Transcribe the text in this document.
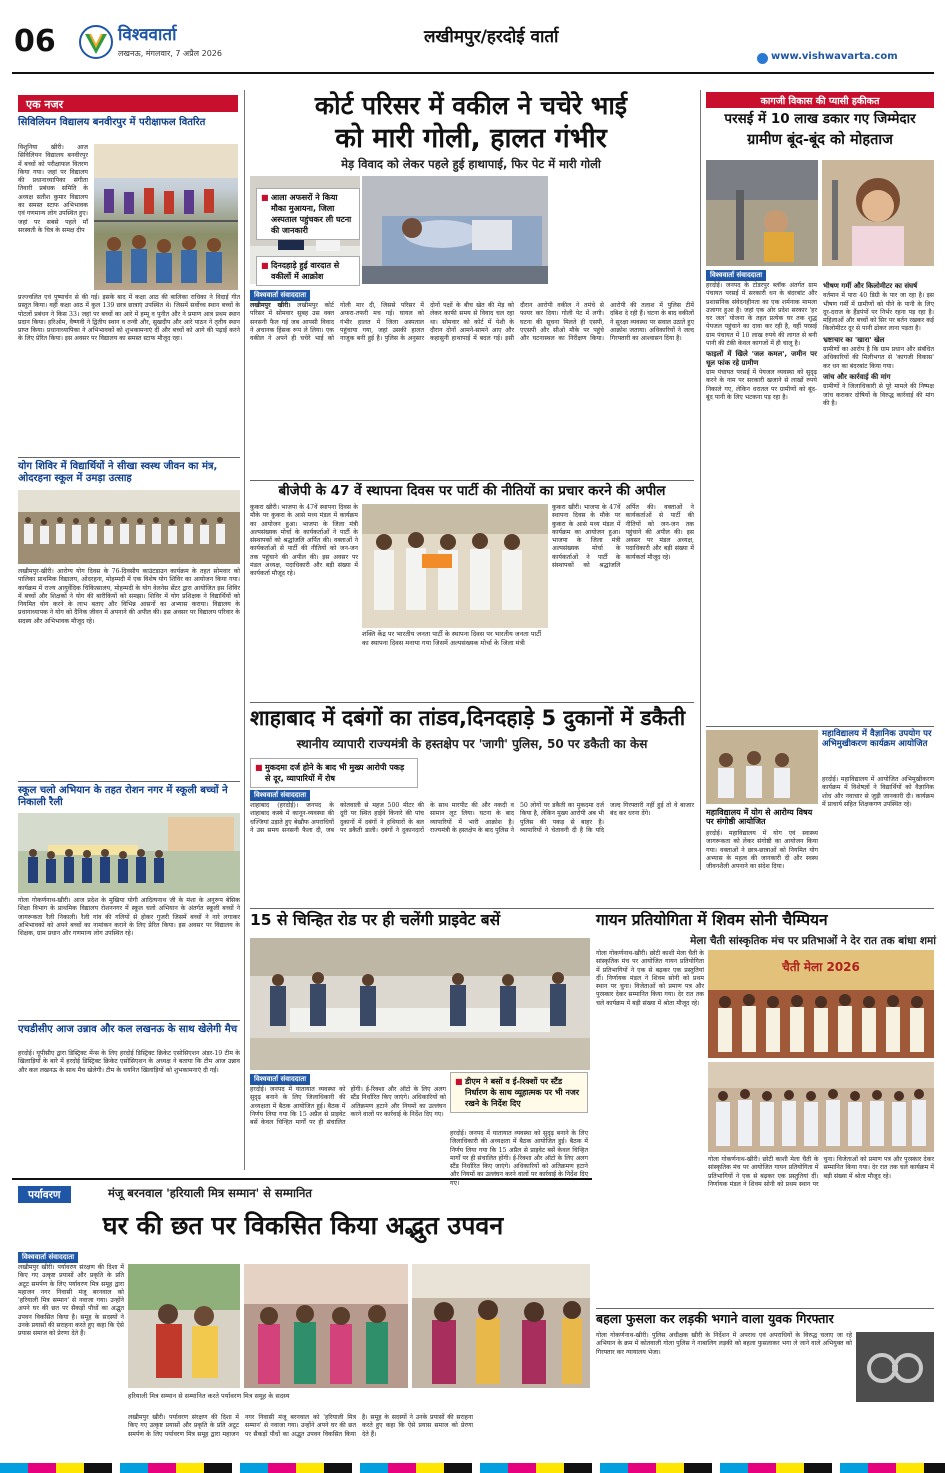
06	विश्ववार्ता
लखनऊ, मंगलवार, 7 अप्रैल 2026
लखीमपुर/हरदोई वार्ता
www.vishwavarta.com
एक नजर
सिविलियन विद्यालय बनवीरपुर में परीक्षाफल वितरित
विशुनिया खीरी। आज सिविलियन विद्यालय बनवीरपुर में बच्चों को परीक्षाफल वितरण किया गया। जहां पर विद्यालय की प्रधानाध्यापिका संगीता तिवारी प्रबंधक समिति के अध्यक्ष सतीश कुमार विद्यालय का समस्त स्टाफ अभिभावक एवं गणमान्य लोग उपस्थित हुए। जहां पर सबसे पहले माँ सरस्वती के चित्र के समक्ष दीप
प्रज्ज्वलित एवं पुष्पार्चन से की गई। इसके बाद में कक्षा आठ की बालिका राधिका ने विदाई गीत प्रस्तुत किया। वहीं कक्षा आठ में कुल 139 छात्र छात्राएं उपस्थित थे। जिसमें सर्वोच्च स्थान बच्चों के पोटलों प्रबंधन ने किस 33। जहां पर बच्चों का आरे में हम्मू व पुनीत और ने प्रमाण आत्र प्रथम स्थान प्रदान किया। हरिओम, वैष्णवी ने द्वितीय स्थान व तन्वी और, सुखदीप और आरे पाठन ने तृतीय स्थान प्राप्त किया। प्रधानाध्यापिका ने अभिभावकों को शुभकामनाएं दीं और बच्चों को आगे की पढ़ाई करने के लिए प्रेरित किया। इस अवसर पर विद्यालय का समस्त स्टाफ मौजूद रहा।
योग शिविर में विद्यार्थियों ने सीखा स्वस्थ जीवन का मंत्र, ओदरहना स्कूल में उमड़ा उत्साह
लखीमपुर-खीरी। आरोग्य योग दिवस के 76-दिवसीय काउंटडाउन कार्यक्रम के तहत सोमवार को पालिका प्राथमिक विद्यालय, ओदरहना, मोहम्मदी में एक विशेष योग शिविर का आयोजन किया गया। कार्यक्रम में राज्य आयुर्वेदिक चिकित्सालय, मोहम्मदी के योग वेलनेस सेंटर द्वारा आयोजित इस शिविर में बच्चों और शिक्षकों ने योग की बारीकियों को समझा। शिविर में योग प्रशिक्षक ने विद्यार्थियों को नियमित योग करने के लाभ बताए और विभिन्न आसनों का अभ्यास कराया। विद्यालय के प्रधानाध्यापक ने योग को दैनिक जीवन में अपनाने की अपील की। इस अवसर पर विद्यालय परिवार के सदस्य और अभिभावक मौजूद रहे।
स्कूल चलो अभियान के तहत रोशन नगर में स्कूली बच्चों ने निकाली रैली
गोला गोकर्णनाथ-खीरी। आज प्रदेश के मुखिया योगी आदित्यनाथ जी के मंशा के अनुरूप बेसिक शिक्षा विभाग के प्राथमिक विद्यालय रोशननगर में स्कूल चलो अभियान के अंतर्गत स्कूली बच्चों ने जागरूकता रैली निकाली। रैली गांव की गलियों से होकर गुजरी जिसमें बच्चों ने नारे लगाकर अभिभावकों को अपने बच्चों का नामांकन कराने के लिए प्रेरित किया। इस अवसर पर विद्यालय के शिक्षक, ग्राम प्रधान और गणमान्य लोग उपस्थित रहे।
एचडीसीए आज उन्नाव और कल लखनऊ के साथ खेलेगी मैच
हरदोई। यूपीसीए द्वारा डिस्ट्रिक्ट मेंन्स के लिए हरदोई डिस्ट्रिक्ट क्रिकेट एसोसिएशन अंडर-19 टीम के खिलाड़ियों के बारे में हरदोई डिस्ट्रिक्ट क्रिकेट एसोसिएशन के अध्यक्ष ने बताया कि टीम आज उन्नाव और कल लखनऊ के साथ मैच खेलेगी। टीम के चयनित खिलाड़ियों को शुभकामनाएं दी गईं।
कोर्ट परिसर में वकील ने चचेरे भाई
को मारी गोली, हालत गंभीर
मेड़ विवाद को लेकर पहले हुई हाथापाई, फिर पेट में मारी गोली
■ आला अफसरों ने किया मौका मुआयना, जिला अस्पताल पहुंचकर ली घटना की जानकारी
■ दिनदहाड़े हुई वारदात से वकीलों में आक्रोश
विश्ववार्ता संवाददाता
लखीमपुर खीरी। लखीमपुर कोर्ट परिसर में सोमवार सुबह उस वक्त सनसनी फैल गई जब आपसी विवाद ने अचानक हिंसक रूप ले लिया। एक वकील ने अपने ही चचेरे भाई को गोली मार दी, जिससे परिसर में अफरा-तफरी मच गई। घायल को गंभीर हालत में जिला अस्पताल पहुंचाया गया, जहां उसकी हालत नाजुक बनी हुई है। पुलिस के अनुसार दोनों पक्षों के बीच खेत की मेड़ को लेकर काफी समय से विवाद चल रहा था। सोमवार को कोर्ट में पेशी के दौरान दोनों आमने-सामने आए और कहासुनी हाथापाई में बदल गई। इसी दौरान आरोपी वकील ने तमंचे से फायर कर दिया। गोली पेट में लगी। घटना की सूचना मिलते ही एसपी, एएसपी और सीओ मौके पर पहुंचे और घटनास्थल का निरीक्षण किया। आरोपी की तलाश में पुलिस टीमें दबिश दे रही हैं। घटना के बाद वकीलों ने सुरक्षा व्यवस्था पर सवाल उठाते हुए आक्रोश जताया। अधिकारियों ने जल्द गिरफ्तारी का आश्वासन दिया है।
कागजी विकास की प्यासी हकीकत
परसई में 10 लाख डकार गए जिम्मेदार
ग्रामीण बूंद-बूंद को मोहताज
विश्ववार्ता संवाददाता
हरदोई। जनपद के टोडरपुर ब्लॉक अंतर्गत ग्राम पंचायत परसई में सरकारी धन के बंदरबांट और प्रशासनिक संवेदनहीनता का एक शर्मनाक मामला उजागर हुआ है। जहां एक ओर प्रदेश सरकार 'हर घर जल' योजना के तहत प्रत्येक घर तक शुद्ध पेयजल पहुंचाने का दावा कर रही है, वहीं परसई ग्राम पंचायत में 10 लाख रुपये की लागत से बनी पानी की टंकी केवल कागजों में ही चालू है।
फाइलों में खिले 'जल कमल', जमीन पर धूल फांक रहे ग्रामीण
ग्राम पंचायत परसई में पेयजल व्यवस्था को सुदृढ़ करने के नाम पर सरकारी खजाने से लाखों रुपये निकाले गए, लेकिन धरातल पर ग्रामीणों को बूंद-बूंद पानी के लिए भटकना पड़ रहा है।
भीषण गर्मी और किलोमीटर का संघर्ष
वर्तमान में पारा 40 डिग्री के पार जा रहा है। इस भीषण गर्मी में ग्रामीणों को पीने के पानी के लिए दूर-दराज के हैंडपंपों पर निर्भर रहना पड़ रहा है। महिलाओं और बच्चों को सिर पर बर्तन रखकर कई किलोमीटर दूर से पानी ढोकर लाना पड़ता है।
भ्रष्टाचार का 'खारा' खेल
ग्रामीणों का आरोप है कि ग्राम प्रधान और संबंधित अधिकारियों की मिलीभगत से 'कागजी विकास' कर धन का बंदरबांट किया गया।
जांच और कार्रवाई की मांग
ग्रामीणों ने जिलाधिकारी से पूरे मामले की निष्पक्ष जांच कराकर दोषियों के विरुद्ध कार्रवाई की मांग की है।
बीजेपी के 47 वें स्थापना दिवस पर पार्टी की नीतियों का प्रचार करने की अपील
कुकरा खीरी। भाजपा के 47वें स्थापना दिवस के मौके पर कुकरा के आसे मध्य मंडल में कार्यक्रम का आयोजन हुआ। भाजपा के जिला मंत्री अल्पसंख्यक मोर्चा के कार्यकर्ताओं ने पार्टी के संस्थापकों को श्रद्धांजलि अर्पित की। वक्ताओं ने कार्यकर्ताओं से पार्टी की नीतियों को जन-जन तक पहुंचाने की अपील की। इस अवसर पर मंडल अध्यक्ष, पदाधिकारी और बड़ी संख्या में कार्यकर्ता मौजूद रहे।
शक्ति केंद्र पर भारतीय जनता पार्टी के स्थापना दिवस पर भारतीय जनता पार्टी का स्थापना दिवस मनाया गया जिसमें अल्पसंख्यक मोर्चा के जिला मंत्री
कुकरा खीरी। भाजपा के 47वें स्थापना दिवस के मौके पर कुकरा के आसे मध्य मंडल में कार्यक्रम का आयोजन हुआ। भाजपा के जिला मंत्री अल्पसंख्यक मोर्चा के कार्यकर्ताओं ने पार्टी के संस्थापकों को श्रद्धांजलि अर्पित की। वक्ताओं ने कार्यकर्ताओं से पार्टी की नीतियों को जन-जन तक पहुंचाने की अपील की। इस अवसर पर मंडल अध्यक्ष, पदाधिकारी और बड़ी संख्या में कार्यकर्ता मौजूद रहे।
शाहाबाद में दबंगों का तांडव,दिनदहाड़े 5 दुकानों में डकैती
स्थानीय व्यापारी राज्यमंत्री के हस्तक्षेप पर 'जागी' पुलिस, 50 पर डकैती का केस
■ मुकदमा दर्ज होने के बाद भी मुख्य आरोपी पकड़ से दूर, व्यापारियों में रोष
विश्ववार्ता संवाददाता
शाहाबाद (हरदोई)। जनपद के शाहाबाद कस्बे में कानून-व्यवस्था की धज्जियां उड़ाते हुए बेखौफ अपराधियों ने उस समय सनसनी फैला दी, जब कोतवाली से महज 500 मीटर की दूरी पर स्थित हाईवे किनारे की पांच दुकानों में दबंगों ने हथियारों के बल पर डकैती डाली। दबंगों ने दुकानदारों के साथ मारपीट की और नकदी व सामान लूट लिया। घटना के बाद व्यापारियों में भारी आक्रोश है। राज्यमंत्री के हस्तक्षेप के बाद पुलिस ने 50 लोगों पर डकैती का मुकदमा दर्ज किया है, लेकिन मुख्य आरोपी अब भी पुलिस की पकड़ से बाहर है। व्यापारियों ने चेतावनी दी है कि यदि जल्द गिरफ्तारी नहीं हुई तो वे बाजार बंद कर धरना देंगे।
महाविद्यालय में वैज्ञानिक उपयोग पर अभिमुखीकरण कार्यक्रम आयोजित
हरदोई। महाविद्यालय में आयोजित अभिमुखीकरण कार्यक्रम में विशेषज्ञों ने विद्यार्थियों को वैज्ञानिक शोध और नवाचार से जुड़ी जानकारी दी। कार्यक्रम में प्राचार्य सहित शिक्षकगण उपस्थित रहे।
महाविद्यालय में योग से आरोग्य विषय पर संगोष्ठी आयोजित
हरदोई। महाविद्यालय में योग एवं स्वास्थ्य जागरूकता को लेकर संगोष्ठी का आयोजन किया गया। वक्ताओं ने छात्र-छात्राओं को नियमित योग अभ्यास के महत्व की जानकारी दी और स्वस्थ जीवनशैली अपनाने का संदेश दिया।
15 से चिन्हित रोड पर ही चलेंगी प्राइवेट बसें
■ डीएम ने बसों व ई-रिक्शों पर स्टैंड निर्धारण के साथ व्यूहात्मक पर भी नजर रखने के निर्देश दिए
विश्ववार्ता संवाददाता
हरदोई। जनपद में यातायात व्यवस्था को सुदृढ़ बनाने के लिए जिलाधिकारी की अध्यक्षता में बैठक आयोजित हुई। बैठक में निर्णय लिया गया कि 15 अप्रैल से प्राइवेट बसें केवल चिन्हित मार्गों पर ही संचालित होंगी। ई-रिक्शा और ऑटो के लिए अलग स्टैंड निर्धारित किए जाएंगे। अधिकारियों को अतिक्रमण हटाने और नियमों का उल्लंघन करने वालों पर कार्रवाई के निर्देश दिए गए।
हरदोई। जनपद में यातायात व्यवस्था को सुदृढ़ बनाने के लिए जिलाधिकारी की अध्यक्षता में बैठक आयोजित हुई। बैठक में निर्णय लिया गया कि 15 अप्रैल से प्राइवेट बसें केवल चिन्हित मार्गों पर ही संचालित होंगी। ई-रिक्शा और ऑटो के लिए अलग स्टैंड निर्धारित किए जाएंगे। अधिकारियों को अतिक्रमण हटाने और नियमों का उल्लंघन करने वालों पर कार्रवाई के निर्देश दिए गए।
गायन प्रतियोगिता में शिवम सोनी चैम्पियन
मेला चैती सांस्कृतिक मंच पर प्रतिभाओं ने देर रात तक बांधा शमां
गोला गोकर्णनाथ-खीरी। छोटी काशी मेला चैती के सांस्कृतिक मंच पर आयोजित गायन प्रतियोगिता में प्रतिभागियों ने एक से बढ़कर एक प्रस्तुतियां दीं। निर्णायक मंडल ने शिवम सोनी को प्रथम स्थान पर चुना। विजेताओं को प्रमाण पत्र और पुरस्कार देकर सम्मानित किया गया। देर रात तक चले कार्यक्रम में बड़ी संख्या में श्रोता मौजूद रहे।
चैती मेला 2026
गोला गोकर्णनाथ-खीरी। छोटी काशी मेला चैती के सांस्कृतिक मंच पर आयोजित गायन प्रतियोगिता में प्रतिभागियों ने एक से बढ़कर एक प्रस्तुतियां दीं। निर्णायक मंडल ने शिवम सोनी को प्रथम स्थान पर चुना। विजेताओं को प्रमाण पत्र और पुरस्कार देकर सम्मानित किया गया। देर रात तक चले कार्यक्रम में बड़ी संख्या में श्रोता मौजूद रहे।
बहला फुसला कर लड़की भगाने वाला युवक गिरफ्तार
गोला गोकर्णनाथ-खीरी। पुलिस अधीक्षक खीरी के निर्देशन में अपराध एवं अपराधियों के विरुद्ध चलाए जा रहे अभियान के क्रम में कोतवाली गोला पुलिस ने नाबालिग लड़की को बहला फुसलाकर भगा ले जाने वाले अभियुक्त को गिरफ्तार कर न्यायालय भेजा।
पर्यावरण	मंजू बरनवाल 'हरियाली मित्र सम्मान' से सम्मानित
घर की छत पर विकसित किया अद्भुत उपवन
विश्ववार्ता संवाददाता
लखीमपुर खीरी। पर्यावरण संरक्षण की दिशा में किए गए उत्कृष्ट प्रयासों और प्रकृति के प्रति अटूट समर्पण के लिए पर्यावरण मित्र समूह द्वारा महाजन नगर निवासी मंजू बरनवाल को 'हरियाली मित्र सम्मान' से नवाजा गया। उन्होंने अपने घर की छत पर सैकड़ों पौधों का अद्भुत उपवन विकसित किया है। समूह के सदस्यों ने उनके प्रयासों की सराहना करते हुए कहा कि ऐसे प्रयास समाज को प्रेरणा देते हैं।
हरियाली मित्र सम्मान से सम्मानित करते पर्यावरण मित्र समूह के सदस्य
लखीमपुर खीरी। पर्यावरण संरक्षण की दिशा में किए गए उत्कृष्ट प्रयासों और प्रकृति के प्रति अटूट समर्पण के लिए पर्यावरण मित्र समूह द्वारा महाजन नगर निवासी मंजू बरनवाल को 'हरियाली मित्र सम्मान' से नवाजा गया। उन्होंने अपने घर की छत पर सैकड़ों पौधों का अद्भुत उपवन विकसित किया है। समूह के सदस्यों ने उनके प्रयासों की सराहना करते हुए कहा कि ऐसे प्रयास समाज को प्रेरणा देते हैं।
